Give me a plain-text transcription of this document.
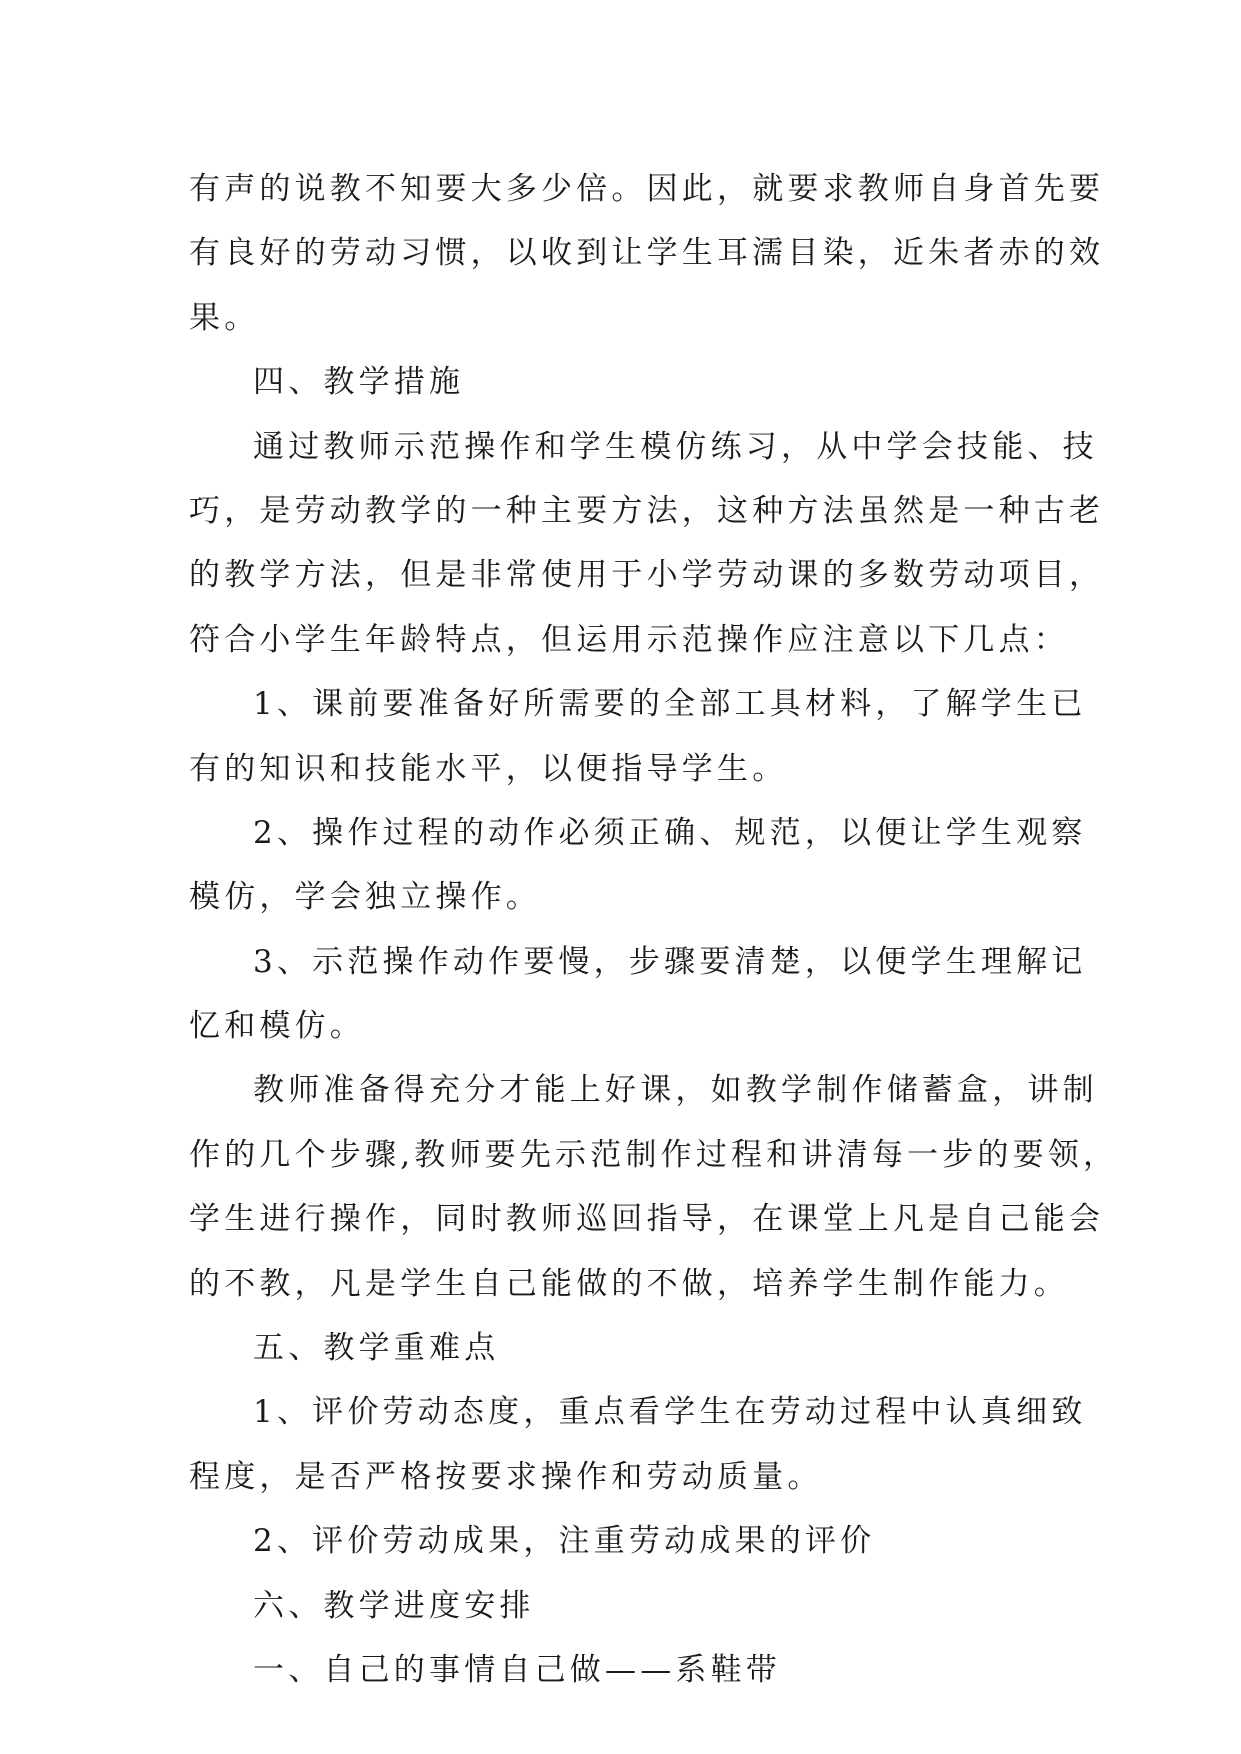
有声的说教不知要大多少倍。因此，就要求教师自身首先要
有良好的劳动习惯，以收到让学生耳濡目染，近朱者赤的效
果。
四、教学措施
通过教师示范操作和学生模仿练习，从中学会技能、技
巧，是劳动教学的一种主要方法，这种方法虽然是一种古老
的教学方法，但是非常使用于小学劳动课的多数劳动项目，
符合小学生年龄特点，但运用示范操作应注意以下几点：
1、课前要准备好所需要的全部工具材料，了解学生已
有的知识和技能水平，以便指导学生。
2、操作过程的动作必须正确、规范，以便让学生观察
模仿，学会独立操作。
3、示范操作动作要慢，步骤要清楚，以便学生理解记
忆和模仿。
教师准备得充分才能上好课，如教学制作储蓄盒，讲制
作的几个步骤,教师要先示范制作过程和讲清每一步的要领，
学生进行操作，同时教师巡回指导，在课堂上凡是自己能会
的不教，凡是学生自己能做的不做，培养学生制作能力。
五、教学重难点
1、评价劳动态度，重点看学生在劳动过程中认真细致
程度，是否严格按要求操作和劳动质量。
2、评价劳动成果，注重劳动成果的评价
六、教学进度安排
一、自己的事情自己做——系鞋带
